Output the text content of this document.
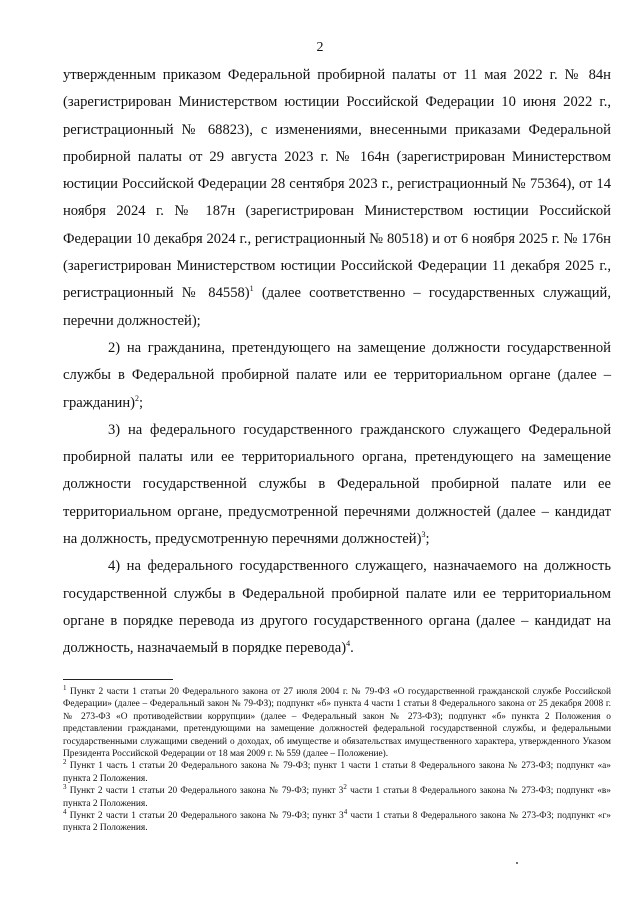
2

утвержденным приказом Федеральной пробирной палаты от 11 мая 2022 г. № 84н (зарегистрирован Министерством юстиции Российской Федерации 10 июня 2022 г., регистрационный № 68823), с изменениями, внесенными приказами Федеральной пробирной палаты от 29 августа 2023 г. № 164н (зарегистрирован Министерством юстиции Российской Федерации 28 сентября 2023 г., регистрационный № 75364), от 14 ноября 2024 г. № 187н (зарегистрирован Министерством юстиции Российской Федерации 10 декабря 2024 г., регистрационный № 80518) и от 6 ноября 2025 г. № 176н (зарегистрирован Министерством юстиции Российской Федерации 11 декабря 2025 г., регистрационный № 84558)$^1$ (далее соответственно – государственных служащий, перечни должностей);

2) на гражданина, претендующего на замещение должности государственной службы в Федеральной пробирной палате или ее территориальном органе (далее – гражданин)$^2$;

3) на федерального государственного гражданского служащего Федеральной пробирной палаты или ее территориального органа, претендующего на замещение должности государственной службы в Федеральной пробирной палате или ее территориальном органе, предусмотренной перечнями должностей (далее – кандидат на должность, предусмотренную перечнями должностей)$^3$;

4) на федерального государственного служащего, назначаемого на должность государственной службы в Федеральной пробирной палате или ее территориальном органе в порядке перевода из другого государственного органа (далее – кандидат на должность, назначаемый в порядке перевода)$^4$.

$^1$ Пункт 2 части 1 статьи 20 Федерального закона от 27 июля 2004 г. № 79-ФЗ «О государственной гражданской службе Российской Федерации» (далее – Федеральный закон № 79-ФЗ); подпункт «б» пункта 4 части 1 статьи 8 Федерального закона от 25 декабря 2008 г. № 273-ФЗ «О противодействии коррупции» (далее – Федеральный закон № 273-ФЗ); подпункт «б» пункта 2 Положения о представлении гражданами, претендующими на замещение должностей федеральной государственной службы, и федеральными государственными служащими сведений о доходах, об имуществе и обязательствах имущественного характера, утвержденного Указом Президента Российской Федерации от 18 мая 2009 г. № 559 (далее – Положение).

$^2$ Пункт 1 часть 1 статьи 20 Федерального закона № 79-ФЗ; пункт 1 части 1 статьи 8 Федерального закона № 273-ФЗ; подпункт «а» пункта 2 Положения.

$^3$ Пункт 2 части 1 статьи 20 Федерального закона № 79-ФЗ; пункт 3$^2$ части 1 статьи 8 Федерального закона № 273-ФЗ; подпункт «в» пункта 2 Положения.

$^4$ Пункт 2 части 1 статьи 20 Федерального закона № 79-ФЗ; пункт 3$^4$ части 1 статьи 8 Федерального закона № 273-ФЗ; подпункт «г» пункта 2 Положения.
